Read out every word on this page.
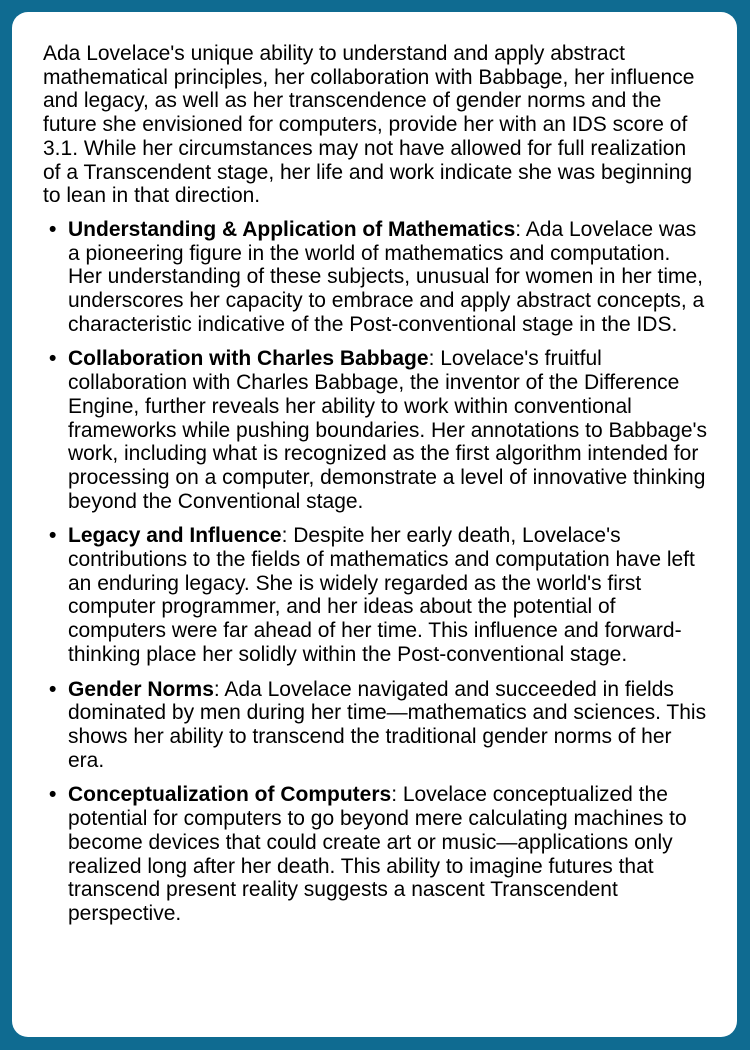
Ada Lovelace's unique ability to understand and apply abstract mathematical principles, her collaboration with Babbage, her influence and legacy, as well as her transcendence of gender norms and the future she envisioned for computers, provide her with an IDS score of 3.1. While her circumstances may not have allowed for full realization of a Transcendent stage, her life and work indicate she was beginning to lean in that direction.

• Understanding & Application of Mathematics: Ada Lovelace was a pioneering figure in the world of mathematics and computation. Her understanding of these subjects, unusual for women in her time, underscores her capacity to embrace and apply abstract concepts, a characteristic indicative of the Post-conventional stage in the IDS.
• Collaboration with Charles Babbage: Lovelace's fruitful collaboration with Charles Babbage, the inventor of the Difference Engine, further reveals her ability to work within conventional frameworks while pushing boundaries. Her annotations to Babbage's work, including what is recognized as the first algorithm intended for processing on a computer, demonstrate a level of innovative thinking beyond the Conventional stage.
• Legacy and Influence: Despite her early death, Lovelace's contributions to the fields of mathematics and computation have left an enduring legacy. She is widely regarded as the world's first computer programmer, and her ideas about the potential of computers were far ahead of her time. This influence and forward-thinking place her solidly within the Post-conventional stage.
• Gender Norms: Ada Lovelace navigated and succeeded in fields dominated by men during her time—mathematics and sciences. This shows her ability to transcend the traditional gender norms of her era.
• Conceptualization of Computers: Lovelace conceptualized the potential for computers to go beyond mere calculating machines to become devices that could create art or music—applications only realized long after her death. This ability to imagine futures that transcend present reality suggests a nascent Transcendent perspective.
